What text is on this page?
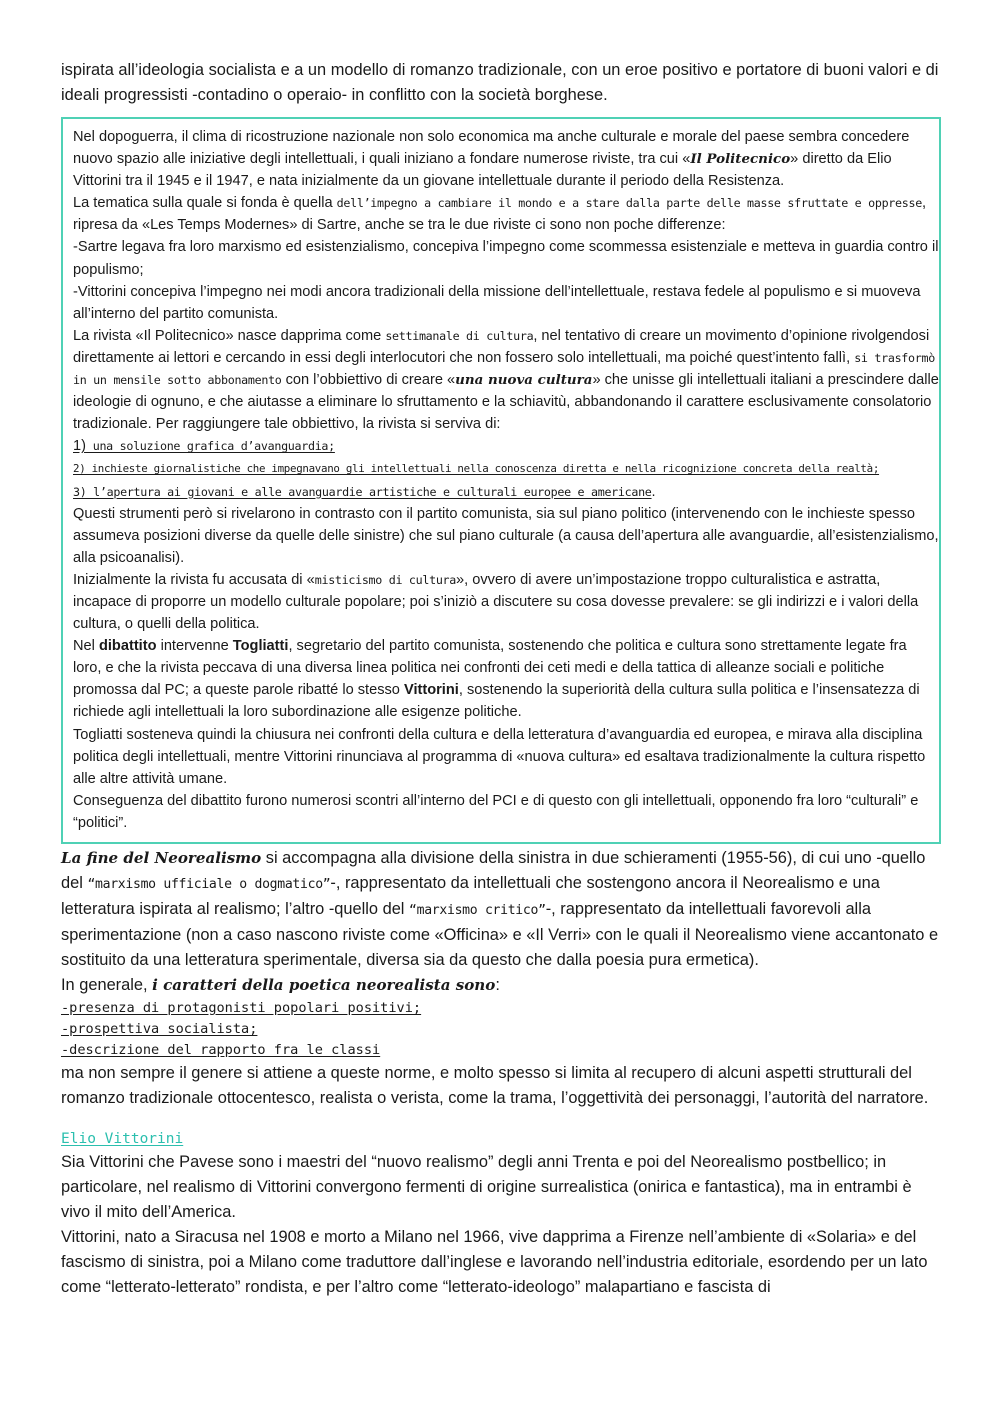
ispirata all’ideologia socialista e a un modello di romanzo tradizionale, con un eroe positivo e portatore di buoni valori e di ideali progressisti -contadino o operaio- in conflitto con la società borghese.

Nel dopoguerra, il clima di ricostruzione nazionale non solo economica ma anche culturale e morale del paese sembra concedere nuovo spazio alle iniziative degli intellettuali, i quali iniziano a fondare numerose riviste, tra cui «Il Politecnico» diretto da Elio Vittorini tra il 1945 e il 1947, e nata inizialmente da un giovane intellettuale durante il periodo della Resistenza.

La tematica sulla quale si fonda è quella dell’impegno a cambiare il mondo e a stare dalla parte delle masse sfruttate e oppresse, ripresa da «Les Temps Modernes» di Sartre, anche se tra le due riviste ci sono non poche differenze:

-Sartre legava fra loro marxismo ed esistenzialismo, concepiva l’impegno come scommessa esistenziale e metteva in guardia contro il populismo;

-Vittorini concepiva l’impegno nei modi ancora tradizionali della missione dell’intellettuale, restava fedele al populismo e si muoveva all’interno del partito comunista.

La rivista «Il Politecnico» nasce dapprima come settimanale di cultura, nel tentativo di creare un movimento d’opinione rivolgendosi direttamente ai lettori e cercando in essi degli interlocutori che non fossero solo intellettuali, ma poiché quest’intento fallì, si trasformò in un mensile sotto abbonamento con l’obbiettivo di creare «una nuova cultura» che unisse gli intellettuali italiani a prescindere dalle ideologie di ognuno, e che aiutasse a eliminare lo sfruttamento e la schiavitù, abbandonando il carattere esclusivamente consolatorio tradizionale. Per raggiungere tale obbiettivo, la rivista si serviva di:

1) una soluzione grafica d’avanguardia;

2) inchieste giornalistiche che impegnavano gli intellettuali nella conoscenza diretta e nella ricognizione concreta della realtà;

3) l’apertura ai giovani e alle avanguardie artistiche e culturali europee e americane.

Questi strumenti però si rivelarono in contrasto con il partito comunista, sia sul piano politico (intervenendo con le inchieste spesso assumeva posizioni diverse da quelle delle sinistre) che sul piano culturale (a causa dell’apertura alle avanguardie, all’esistenzialismo, alla psicoanalisi).

Inizialmente la rivista fu accusata di «misticismo di cultura», ovvero di avere un’impostazione troppo culturalistica e astratta, incapace di proporre un modello culturale popolare; poi s’iniziò a discutere su cosa dovesse prevalere: se gli indirizzi e i valori della cultura, o quelli della politica.

Nel dibattito intervenne Togliatti, segretario del partito comunista, sostenendo che politica e cultura sono strettamente legate fra loro, e che la rivista peccava di una diversa linea politica nei confronti dei ceti medi e della tattica di alleanze sociali e politiche promossa dal PC; a queste parole ribatté lo stesso Vittorini, sostenendo la superiorità della cultura sulla politica e l’insensatezza di richiede agli intellettuali la loro subordinazione alle esigenze politiche.

Togliatti sosteneva quindi la chiusura nei confronti della cultura e della letteratura d’avanguardia ed europea, e mirava alla disciplina politica degli intellettuali, mentre Vittorini rinunciava al programma di «nuova cultura» ed esaltava tradizionalmente la cultura rispetto alle altre attività umane.

Conseguenza del dibattito furono numerosi scontri all’interno del PCI e di questo con gli intellettuali, opponendo fra loro “culturali” e “politici”.

La fine del Neorealismo si accompagna alla divisione della sinistra in due schieramenti (1955-56), di cui uno -quello del “marxismo ufficiale o dogmatico”-, rappresentato da intellettuali che sostengono ancora il Neorealismo e una letteratura ispirata al realismo; l’altro -quello del “marxismo critico”-, rappresentato da intellettuali favorevoli alla sperimentazione (non a caso nascono riviste come «Officina» e «Il Verri» con le quali il Neorealismo viene accantonato e sostituito da una letteratura sperimentale, diversa sia da questo che dalla poesia pura ermetica).

In generale, i caratteri della poetica neorealista sono:

-presenza di protagonisti popolari positivi;

-prospettiva socialista;

-descrizione del rapporto fra le classi

ma non sempre il genere si attiene a queste norme, e molto spesso si limita al recupero di alcuni aspetti strutturali del romanzo tradizionale ottocentesco, realista o verista, come la trama, l’oggettività dei personaggi, l’autorità del narratore.

Elio Vittorini

Sia Vittorini che Pavese sono i maestri del “nuovo realismo” degli anni Trenta e poi del Neorealismo postbellico; in particolare, nel realismo di Vittorini convergono fermenti di origine surrealistica (onirica e fantastica), ma in entrambi è vivo il mito dell’America.

Vittorini, nato a Siracusa nel 1908 e morto a Milano nel 1966, vive dapprima a Firenze nell’ambiente di «Solaria» e del fascismo di sinistra, poi a Milano come traduttore dall’inglese e lavorando nell’industria editoriale, esordendo per un lato come “letterato-letterato” rondista, e per l’altro come “letterato-ideologo” malapartiano e fascista di
